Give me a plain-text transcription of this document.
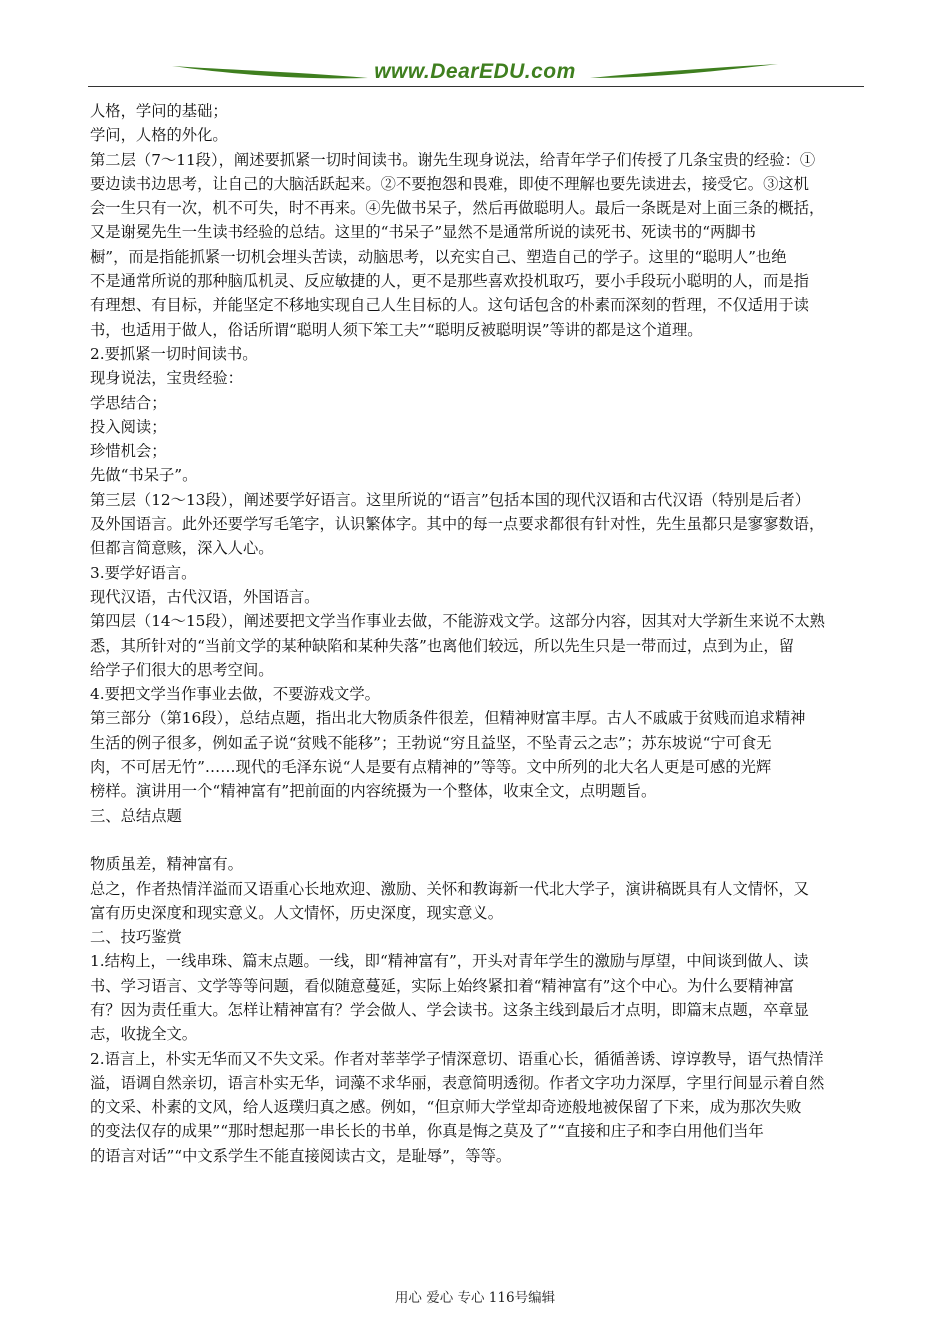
www.DearEDU.com
人格，学问的基础；
学问，人格的外化。
第二层（7～11段），阐述要抓紧一切时间读书。谢先生现身说法，给青年学子们传授了几条宝贵的经验：①
要边读书边思考，让自己的大脑活跃起来。②不要抱怨和畏难，即使不理解也要先读进去，接受它。③这机
会一生只有一次，机不可失，时不再来。④先做书呆子，然后再做聪明人。最后一条既是对上面三条的概括，
又是谢冕先生一生读书经验的总结。这里的“书呆子”显然不是通常所说的读死书、死读书的“两脚书
橱”，而是指能抓紧一切机会埋头苦读，动脑思考，以充实自己、塑造自己的学子。这里的“聪明人”也绝
不是通常所说的那种脑瓜机灵、反应敏捷的人，更不是那些喜欢投机取巧，要小手段玩小聪明的人，而是指
有理想、有目标，并能坚定不移地实现自己人生目标的人。这句话包含的朴素而深刻的哲理，不仅适用于读
书，也适用于做人，俗话所谓“聪明人须下笨工夫”“聪明反被聪明误”等讲的都是这个道理。
2.要抓紧一切时间读书。
现身说法，宝贵经验：
学思结合；
投入阅读；
珍惜机会；
先做“书呆子”。
第三层（12～13段），阐述要学好语言。这里所说的“语言”包括本国的现代汉语和古代汉语（特别是后者）
及外国语言。此外还要学写毛笔字，认识繁体字。其中的每一点要求都很有针对性，先生虽都只是寥寥数语，
但都言简意赅，深入人心。
3.要学好语言。
现代汉语，古代汉语，外国语言。
第四层（14～15段），阐述要把文学当作事业去做，不能游戏文学。这部分内容，因其对大学新生来说不太熟
悉，其所针对的“当前文学的某种缺陷和某种失落”也离他们较远，所以先生只是一带而过，点到为止，留
给学子们很大的思考空间。
4.要把文学当作事业去做，不要游戏文学。
第三部分（第16段），总结点题，指出北大物质条件很差，但精神财富丰厚。古人不戚戚于贫贱而追求精神
生活的例子很多，例如孟子说“贫贱不能移”；王勃说“穷且益坚，不坠青云之志”；苏东坡说“宁可食无
肉，不可居无竹”……现代的毛泽东说“人是要有点精神的”等等。文中所列的北大名人更是可感的光辉
榜样。演讲用一个“精神富有”把前面的内容统摄为一个整体，收束全文，点明题旨。
三、总结点题
物质虽差，精神富有。
总之，作者热情洋溢而又语重心长地欢迎、激励、关怀和教诲新一代北大学子，演讲稿既具有人文情怀，又
富有历史深度和现实意义。人文情怀，历史深度，现实意义。
二、技巧鉴赏
1.结构上，一线串珠、篇末点题。一线，即“精神富有”，开头对青年学生的激励与厚望，中间谈到做人、读
书、学习语言、文学等等问题，看似随意蔓延，实际上始终紧扣着“精神富有”这个中心。为什么要精神富
有？因为责任重大。怎样让精神富有？学会做人、学会读书。这条主线到最后才点明，即篇末点题，卒章显
志，收拢全文。
2.语言上，朴实无华而又不失文采。作者对莘莘学子情深意切、语重心长，循循善诱、谆谆教导，语气热情洋
溢，语调自然亲切，语言朴实无华，词藻不求华丽，表意简明透彻。作者文字功力深厚，字里行间显示着自然
的文采、朴素的文风，给人返璞归真之感。例如，“但京师大学堂却奇迹般地被保留了下来，成为那次失败
的变法仅存的成果”“那时想起那一串长长的书单，你真是悔之莫及了”“直接和庄子和李白用他们当年
的语言对话”“中文系学生不能直接阅读古文，是耻辱”，等等。
用心 爱心 专心 116号编辑
